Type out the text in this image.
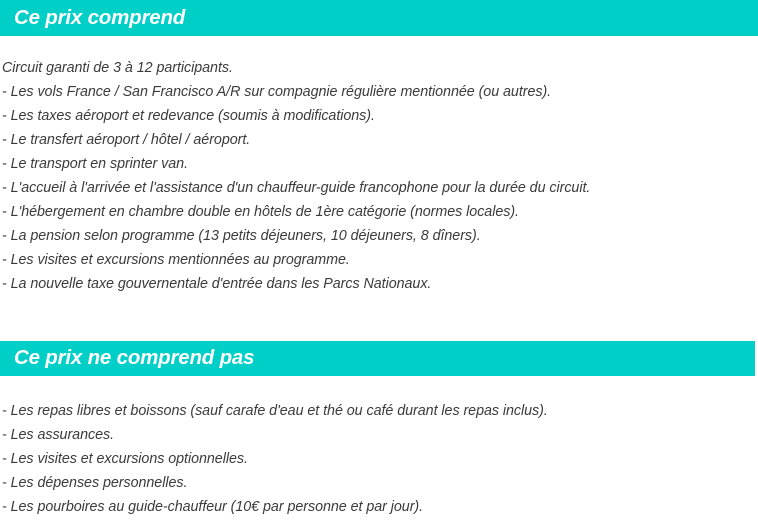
Ce prix comprend
Circuit garanti de 3 à 12 participants.
- Les vols France / San Francisco A/R sur compagnie régulière mentionnée (ou autres).
- Les taxes aéroport et redevance (soumis à modifications).
- Le transfert aéroport / hôtel / aéroport.
- Le transport en sprinter van.
- L'accueil à l'arrivée et l'assistance d'un chauffeur-guide francophone pour la durée du circuit.
- L'hébergement en chambre double en hôtels de 1ère catégorie (normes locales).
- La pension selon programme (13 petits déjeuners, 10 déjeuners, 8 dîners).
- Les visites et excursions mentionnées au programme.
- La nouvelle taxe gouvernentale d'entrée dans les Parcs Nationaux.
Ce prix ne comprend pas
- Les repas libres et boissons (sauf carafe d'eau et thé ou café durant les repas inclus).
- Les assurances.
- Les visites et excursions optionnelles.
- Les dépenses personnelles.
- Les pourboires au guide-chauffeur (10€ par personne et par jour).
